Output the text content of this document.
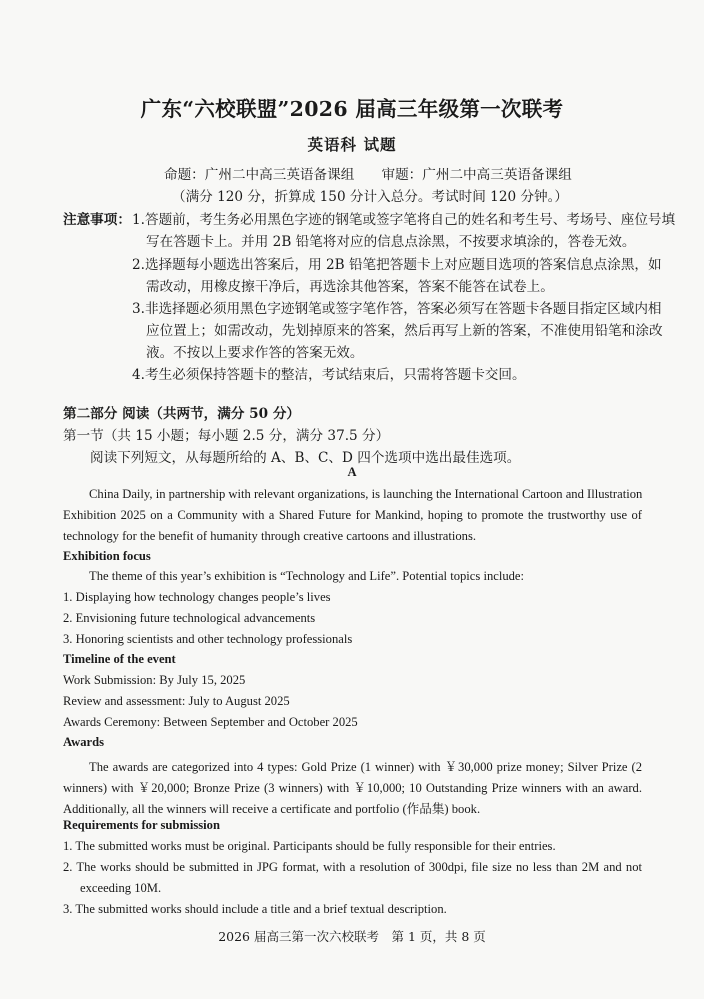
广东“六校联盟”2026 届高三年级第一次联考
英语科 试题
命题：广州二中高三英语备课组　　审题：广州二中高三英语备课组
（满分 120 分，折算成 150 分计入总分。考试时间 120 分钟。）
注意事项： 1.答题前，考生务必用黑色字迹的钢笔或签字笔将自己的姓名和考生号、考场号、座位号填
写在答题卡上。并用 2B 铅笔将对应的信息点涂黑，不按要求填涂的，答卷无效。
2.选择题每小题选出答案后，用 2B 铅笔把答题卡上对应题目选项的答案信息点涂黑，如
需改动，用橡皮擦干净后，再选涂其他答案，答案不能答在试卷上。
3.非选择题必须用黑色字迹钢笔或签字笔作答，答案必须写在答题卡各题目指定区域内相
应位置上；如需改动，先划掉原来的答案，然后再写上新的答案，不准使用铅笔和涂改
液。不按以上要求作答的答案无效。
4.考生必须保持答题卡的整洁，考试结束后，只需将答题卡交回。
第二部分 阅读（共两节，满分 50 分）
第一节（共 15 小题；每小题 2.5 分，满分 37.5 分）
阅读下列短文，从每题所给的 A、B、C、D 四个选项中选出最佳选项。
A
China Daily, in partnership with relevant organizations, is launching the International Cartoon and Illustration
Exhibition 2025 on a Community with a Shared Future for Mankind, hoping to promote the trustworthy use of
technology for the benefit of humanity through creative cartoons and illustrations.
Exhibition focus
The theme of this year’s exhibition is “Technology and Life”. Potential topics include:
1. Displaying how technology changes people’s lives
2. Envisioning future technological advancements
3. Honoring scientists and other technology professionals
Timeline of the event
Work Submission: By July 15, 2025
Review and assessment: July to August 2025
Awards Ceremony: Between September and October 2025
Awards
The awards are categorized into 4 types: Gold Prize (1 winner) with ￥30,000 prize money; Silver Prize (2
winners) with ￥20,000; Bronze Prize (3 winners) with ￥10,000; 10 Outstanding Prize winners with an award.
Additionally, all the winners will receive a certificate and portfolio (作品集) book.
Requirements for submission
1. The submitted works must be original. Participants should be fully responsible for their entries.
2. The works should be submitted in JPG format, with a resolution of 300dpi, file size no less than 2M and not
exceeding 10M.
3. The submitted works should include a title and a brief textual description.
2026 届高三第一次六校联考　第 1 页，共 8 页
